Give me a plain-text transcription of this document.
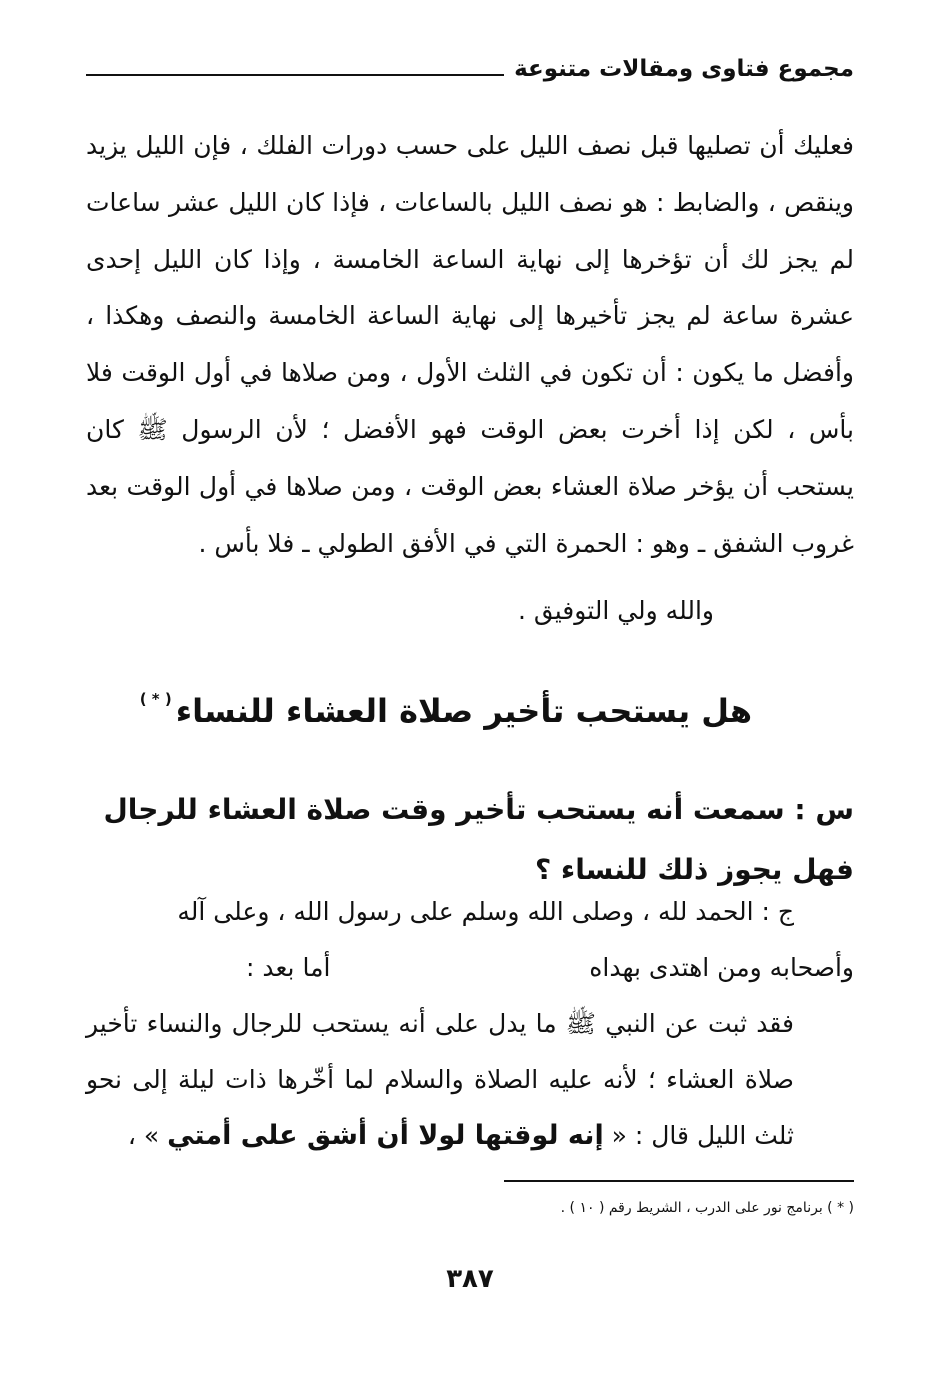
مجموع فتاوى ومقالات متنوعة

فعليك أن تصليها قبل نصف الليل على حسب دورات الفلك ، فإن الليل يزيد وينقص ، والضابط : هو نصف الليل بالساعات ، فإذا كان الليل عشر ساعات لم يجز لك أن تؤخرها إلى نهاية الساعة الخامسة ، وإذا كان الليل إحدى عشرة ساعة لم يجز تأخيرها إلى نهاية الساعة الخامسة والنصف وهكذا ، وأفضل ما يكون : أن تكون في الثلث الأول ، ومن صلاها في أول الوقت فلا بأس ، لكن إذا أخرت بعض الوقت فهو الأفضل ؛ لأن الرسول ﷺ كان يستحب أن يؤخر صلاة العشاء بعض الوقت ، ومن صلاها في أول الوقت بعد غروب الشفق ـ وهو : الحمرة التي في الأفق الطولي ـ فلا بأس .

والله ولي التوفيق .
هل يستحب تأخير صلاة العشاء للنساء( * )

س : سمعت أنه يستحب تأخير وقت صلاة العشاء للرجال

فهل يجوز ذلك للنساء ؟

ج : الحمد لله ، وصلى الله وسلم على رسول الله ، وعلى آله

وأصحابه ومن اهتدى بهداه
أما بعد :

فقد ثبت عن النبي ﷺ ما يدل على أنه يستحب للرجال والنساء تأخير صلاة العشاء ؛ لأنه عليه الصلاة والسلام لما أخّرها ذات ليلة إلى نحو ثلث الليل قال : « إنه لوقتها لولا أن أشق على أمتي » ،

( * ) برنامج نور على الدرب ، الشريط رقم ( ١٠ ) .
٣٨٧
